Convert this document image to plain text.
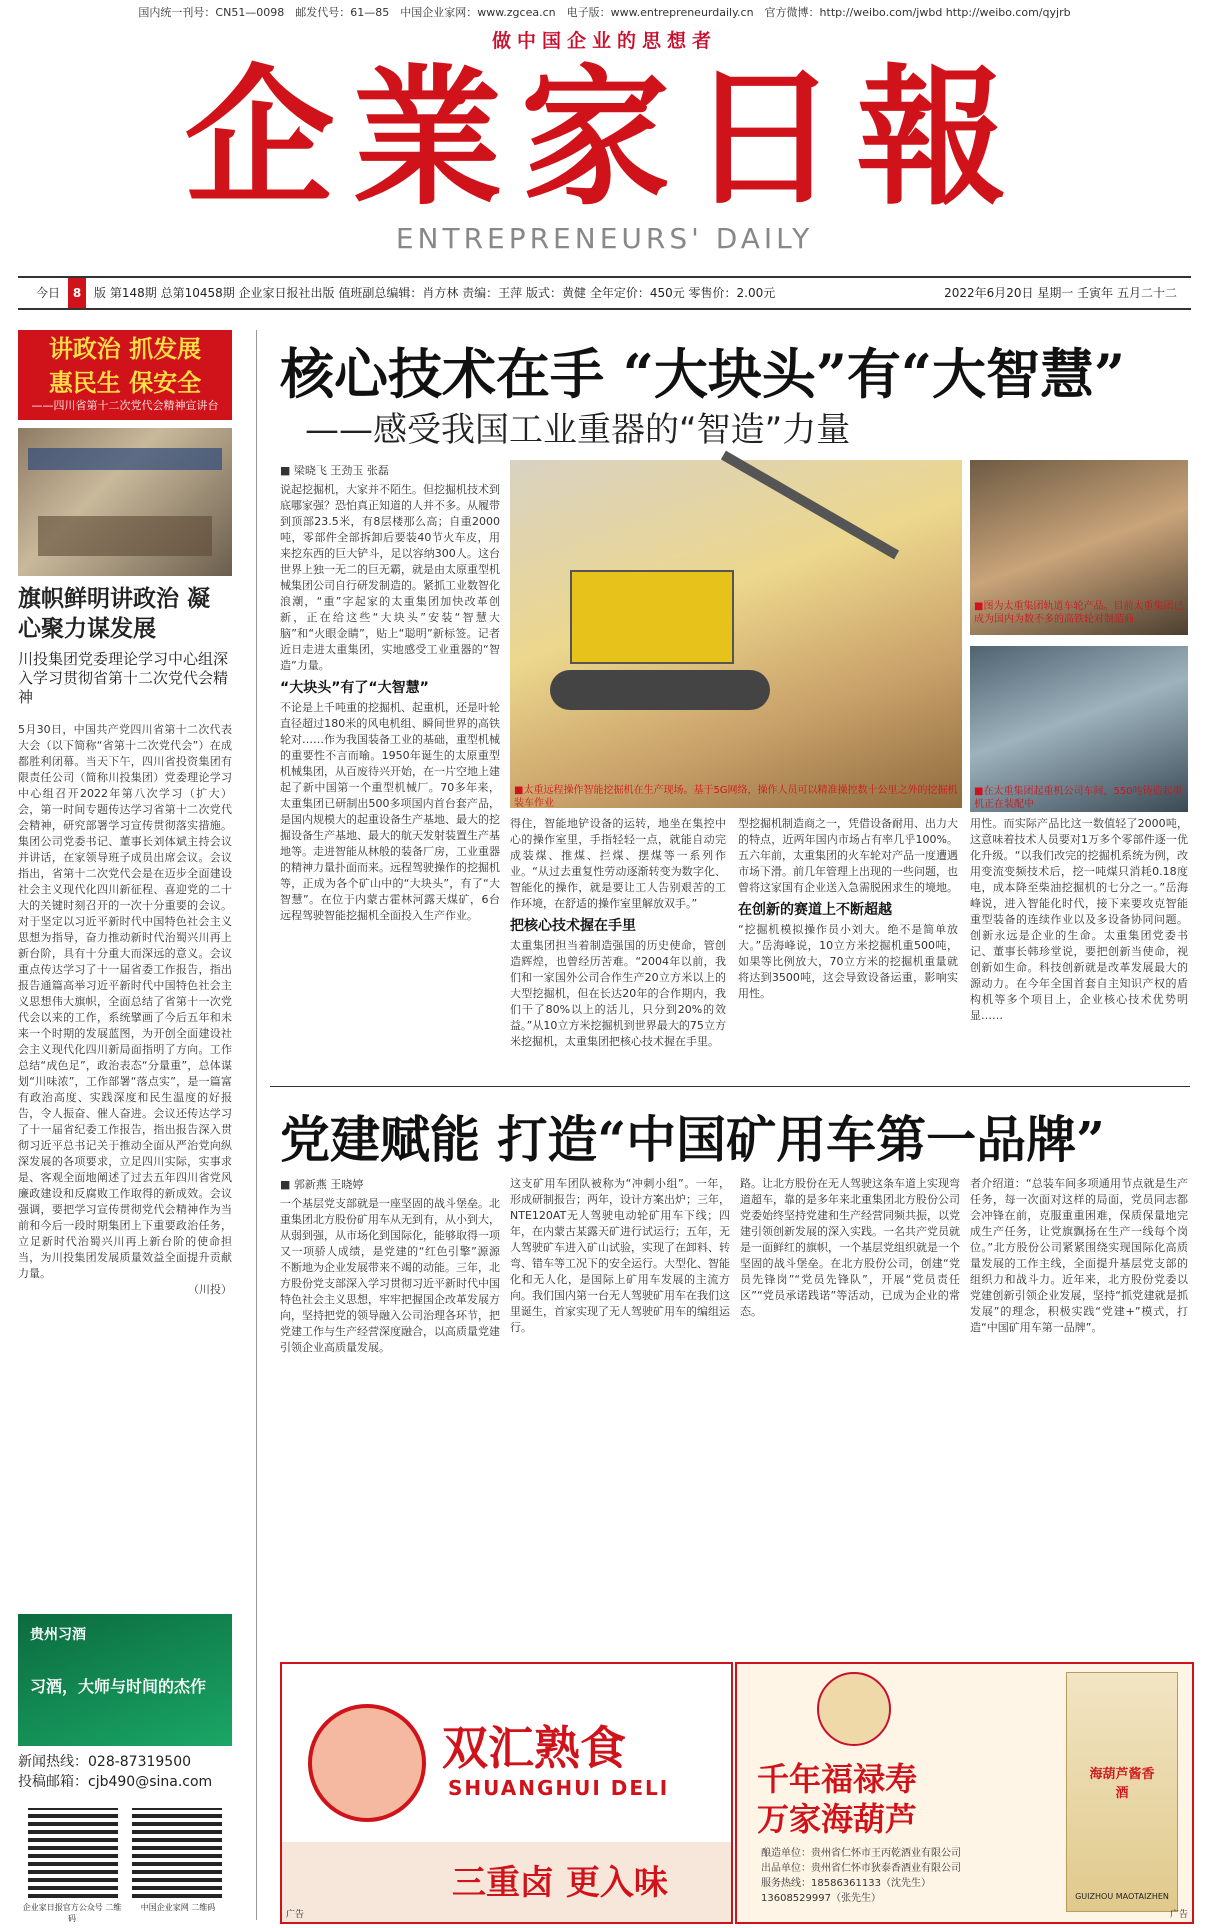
国内统一刊号：CN51—0098　邮发代号：61—85　中国企业家网：www.zgcea.cn　电子版：www.entrepreneurdaily.cn　官方微博：http://weibo.com/jwbd http://weibo.com/qyjrb
做中国企业的思想者
企業家日報
ENTREPRENEURS' DAILY
今日 8 版 第148期 总第10458期 企业家日报社出版 值班副总编辑：肖方林 责编：王萍 版式：黄健 全年定价：450元 零售价：2.00元	2022年6月20日 星期一 壬寅年 五月二十二
讲政治 抓发展
惠民生 保安全
——四川省第十二次党代会精神宣讲台
旗帜鲜明讲政治 凝心聚力谋发展
川投集团党委理论学习中心组深入学习贯彻省第十二次党代会精神
5月30日，中国共产党四川省第十二次代表大会（以下简称“省第十二次党代会”）在成都胜利闭幕。当天下午，四川省投资集团有限责任公司（简称川投集团）党委理论学习中心组召开2022年第八次学习（扩大）会，第一时间专题传达学习省第十二次党代会精神，研究部署学习宣传贯彻落实措施。集团公司党委书记、董事长刘体斌主持会议并讲话，在家领导班子成员出席会议。会议指出，省第十二次党代会是在迈步全面建设社会主义现代化四川新征程、喜迎党的二十大的关键时刻召开的一次十分重要的会议。对于坚定以习近平新时代中国特色社会主义思想为指导，奋力推动新时代治蜀兴川再上新台阶，具有十分重大而深远的意义。会议重点传达学习了十一届省委工作报告，指出报告通篇高举习近平新时代中国特色社会主义思想伟大旗帜，全面总结了省第十一次党代会以来的工作，系统擘画了今后五年和未来一个时期的发展蓝图，为开创全面建设社会主义现代化四川新局面指明了方向。工作总结“成色足”，政治表态“分量重”，总体谋划“川味浓”，工作部署“落点实”，是一篇富有政治高度、实践深度和民生温度的好报告，令人振奋、催人奋进。会议还传达学习了十一届省纪委工作报告，指出报告深入贯彻习近平总书记关于推动全面从严治党向纵深发展的各项要求，立足四川实际，实事求是、客观全面地阐述了过去五年四川省党风廉政建设和反腐败工作取得的新成效。会议强调，要把学习宣传贯彻党代会精神作为当前和今后一段时期集团上下重要政治任务，立足新时代治蜀兴川再上新台阶的使命担当，为川投集团发展质量效益全面提升贡献力量。
（川投）
贵州习酒
习酒，大师与时间的杰作
新闻热线：028-87319500
投稿邮箱：cjb490@sina.com
企业家日报官方公众号 二维码
中国企业家网 二维码
核心技术在手 “大块头”有“大智慧”
——感受我国工业重器的“智造”力量
■ 梁晓飞 王劲玉 张磊
说起挖掘机，大家并不陌生。但挖掘机技术到底哪家强？恐怕真正知道的人并不多。从履带到顶部23.5米，有8层楼那么高；自重2000吨，零部件全部拆卸后要装40节火车皮，用来挖东西的巨大铲斗，足以容纳300人。这台世界上独一无二的巨无霸，就是由太原重型机械集团公司自行研发制造的。紧抓工业数智化浪潮，“重”字起家的太重集团加快改革创新，正在给这些“大块头”安装“智慧大脑”和“火眼金睛”，贴上“聪明”新标签。记者近日走进太重集团，实地感受工业重器的“智造”力量。
“大块头”有了“大智慧”
不论是上千吨重的挖掘机、起重机，还是叶轮直径超过180米的风电机组、瞬间世界的高铁轮对……作为我国装备工业的基础，重型机械的重要性不言而喻。1950年诞生的太原重型机械集团，从百废待兴开始，在一片空地上建起了新中国第一个重型机械厂。70多年来，太重集团已研制出500多项国内首台套产品，是国内规模大的起重设备生产基地、最大的挖掘设备生产基地、最大的航天发射装置生产基地等。走进智能从林般的装备厂房，工业重器的精神力量扑面而来。远程驾驶操作的挖掘机等，正成为各个矿山中的“大块头”，有了“大智慧”。在位于内蒙古霍林河露天煤矿，6台远程驾驶智能挖掘机全面投入生产作业。
■太重远程操作智能挖掘机在生产现场。基于5G网络，操作人员可以精准操控数十公里之外的挖掘机装车作业
■图为太重集团轨道车轮产品。目前太重集团已成为国内为数不多的高铁轮对制造商
■在太重集团起重机公司车间，550吨铸造起重机正在装配中
得住，智能地铲设备的运转，地坐在集控中心的操作室里，手指轻轻一点，就能自动完成装煤、推煤、拦煤、摆煤等一系列作业。“从过去重复性劳动逐渐转变为数字化、智能化的操作，就是要让工人告别艰苦的工作环境，在舒适的操作室里解放双手。”
把核心技术握在手里
太重集团担当着制造强国的历史使命，管创造辉煌，也曾经历苦难。“2004年以前，我们和一家国外公司合作生产20立方米以上的大型挖掘机，但在长达20年的合作期内，我们干了80%以上的活儿，只分到20%的效益。”从10立方米挖掘机到世界最大的75立方米挖掘机，太重集团把核心技术握在手里。
型挖掘机制造商之一，凭借设备耐用、出力大的特点，近两年国内市场占有率几乎100%。五六年前，太重集团的火车轮对产品一度遭遇市场下滑。前几年管理上出现的一些问题，也曾将这家国有企业送入急需脱困求生的境地。
在创新的赛道上不断超越
“挖掘机模拟操作员小刘大。绝不是简单放大。”岳海峰说，10立方米挖掘机重500吨，如果等比例放大，70立方米的挖掘机重量就将达到3500吨，这会导致设备运重，影响实用性。
用性。而实际产品比这一数值轻了2000吨，这意味着技术人员要对1万多个零部件逐一优化升级。“以我们改完的挖掘机系统为例，改用变流变频技术后，挖一吨煤只消耗0.18度电，成本降至柴油挖掘机的七分之一。”岳海峰说，进入智能化时代，接下来要攻克智能重型装备的连续作业以及多设备协同问题。创新永远是企业的生命。太重集团党委书记、董事长韩珍堂说，要把创新当使命，视创新如生命。科技创新就是改革发展最大的源动力。在今年全国首套自主知识产权的盾构机等多个项目上，企业核心技术优势明显……
党建赋能 打造“中国矿用车第一品牌”
■ 郭新燕 王晓婷
一个基层党支部就是一座坚固的战斗堡垒。北重集团北方股份矿用车从无到有，从小到大，从弱到强，从市场化到国际化，能够取得一项又一项骄人成绩，是党建的“红色引擎”源源不断地为企业发展带来不竭的动能。三年，北方股份党支部深入学习贯彻习近平新时代中国特色社会主义思想，牢牢把握国企改革发展方向，坚持把党的领导融入公司治理各环节，把党建工作与生产经营深度融合，以高质量党建引领企业高质量发展。
这支矿用车团队被称为“冲刺小组”。一年，形成研制报告；两年，设计方案出炉；三年，NTE120AT无人驾驶电动轮矿用车下线；四年，在内蒙古某露天矿进行试运行；五年，无人驾驶矿车进入矿山试验，实现了在卸料、转弯、错车等工况下的安全运行。大型化、智能化和无人化，是国际上矿用车发展的主流方向。我们国内第一台无人驾驶矿用车在我们这里诞生，首家实现了无人驾驶矿用车的编组运行。
路。让北方股份在无人驾驶这条车道上实现弯道超车，靠的是多年来北重集团北方股份公司党委始终坚持党建和生产经营同频共振，以党建引领创新发展的深入实践。一名共产党员就是一面鲜红的旗帜，一个基层党组织就是一个坚固的战斗堡垒。在北方股份公司，创建“党员先锋岗”“党员先锋队”，开展“党员责任区”“党员承诺践诺”等活动，已成为企业的常态。
者介绍道：“总装车间多项通用节点就是生产任务，每一次面对这样的局面，党员同志都会冲锋在前，克服重重困难，保质保量地完成生产任务，让党旗飘扬在生产一线每个岗位。”北方股份公司紧紧围绕实现国际化高质量发展的工作主线，全面提升基层党支部的组织力和战斗力。近年来，北方股份党委以党建创新引领企业发展，坚持“抓党建就是抓发展”的理念，积极实践“党建+”模式，打造“中国矿用车第一品牌”。
双汇熟食
SHUANGHUI DELI
三重卤 更入味
广告
千年福禄寿
万家海葫芦
酿造单位：贵州省仁怀市王丙乾酒业有限公司
出品单位：贵州省仁怀市狄泰香酒业有限公司
服务热线：18586361133（沈先生）
13608529997（张先生）
海葫芦酱香酒
GUIZHOU MAOTAIZHEN
广告
